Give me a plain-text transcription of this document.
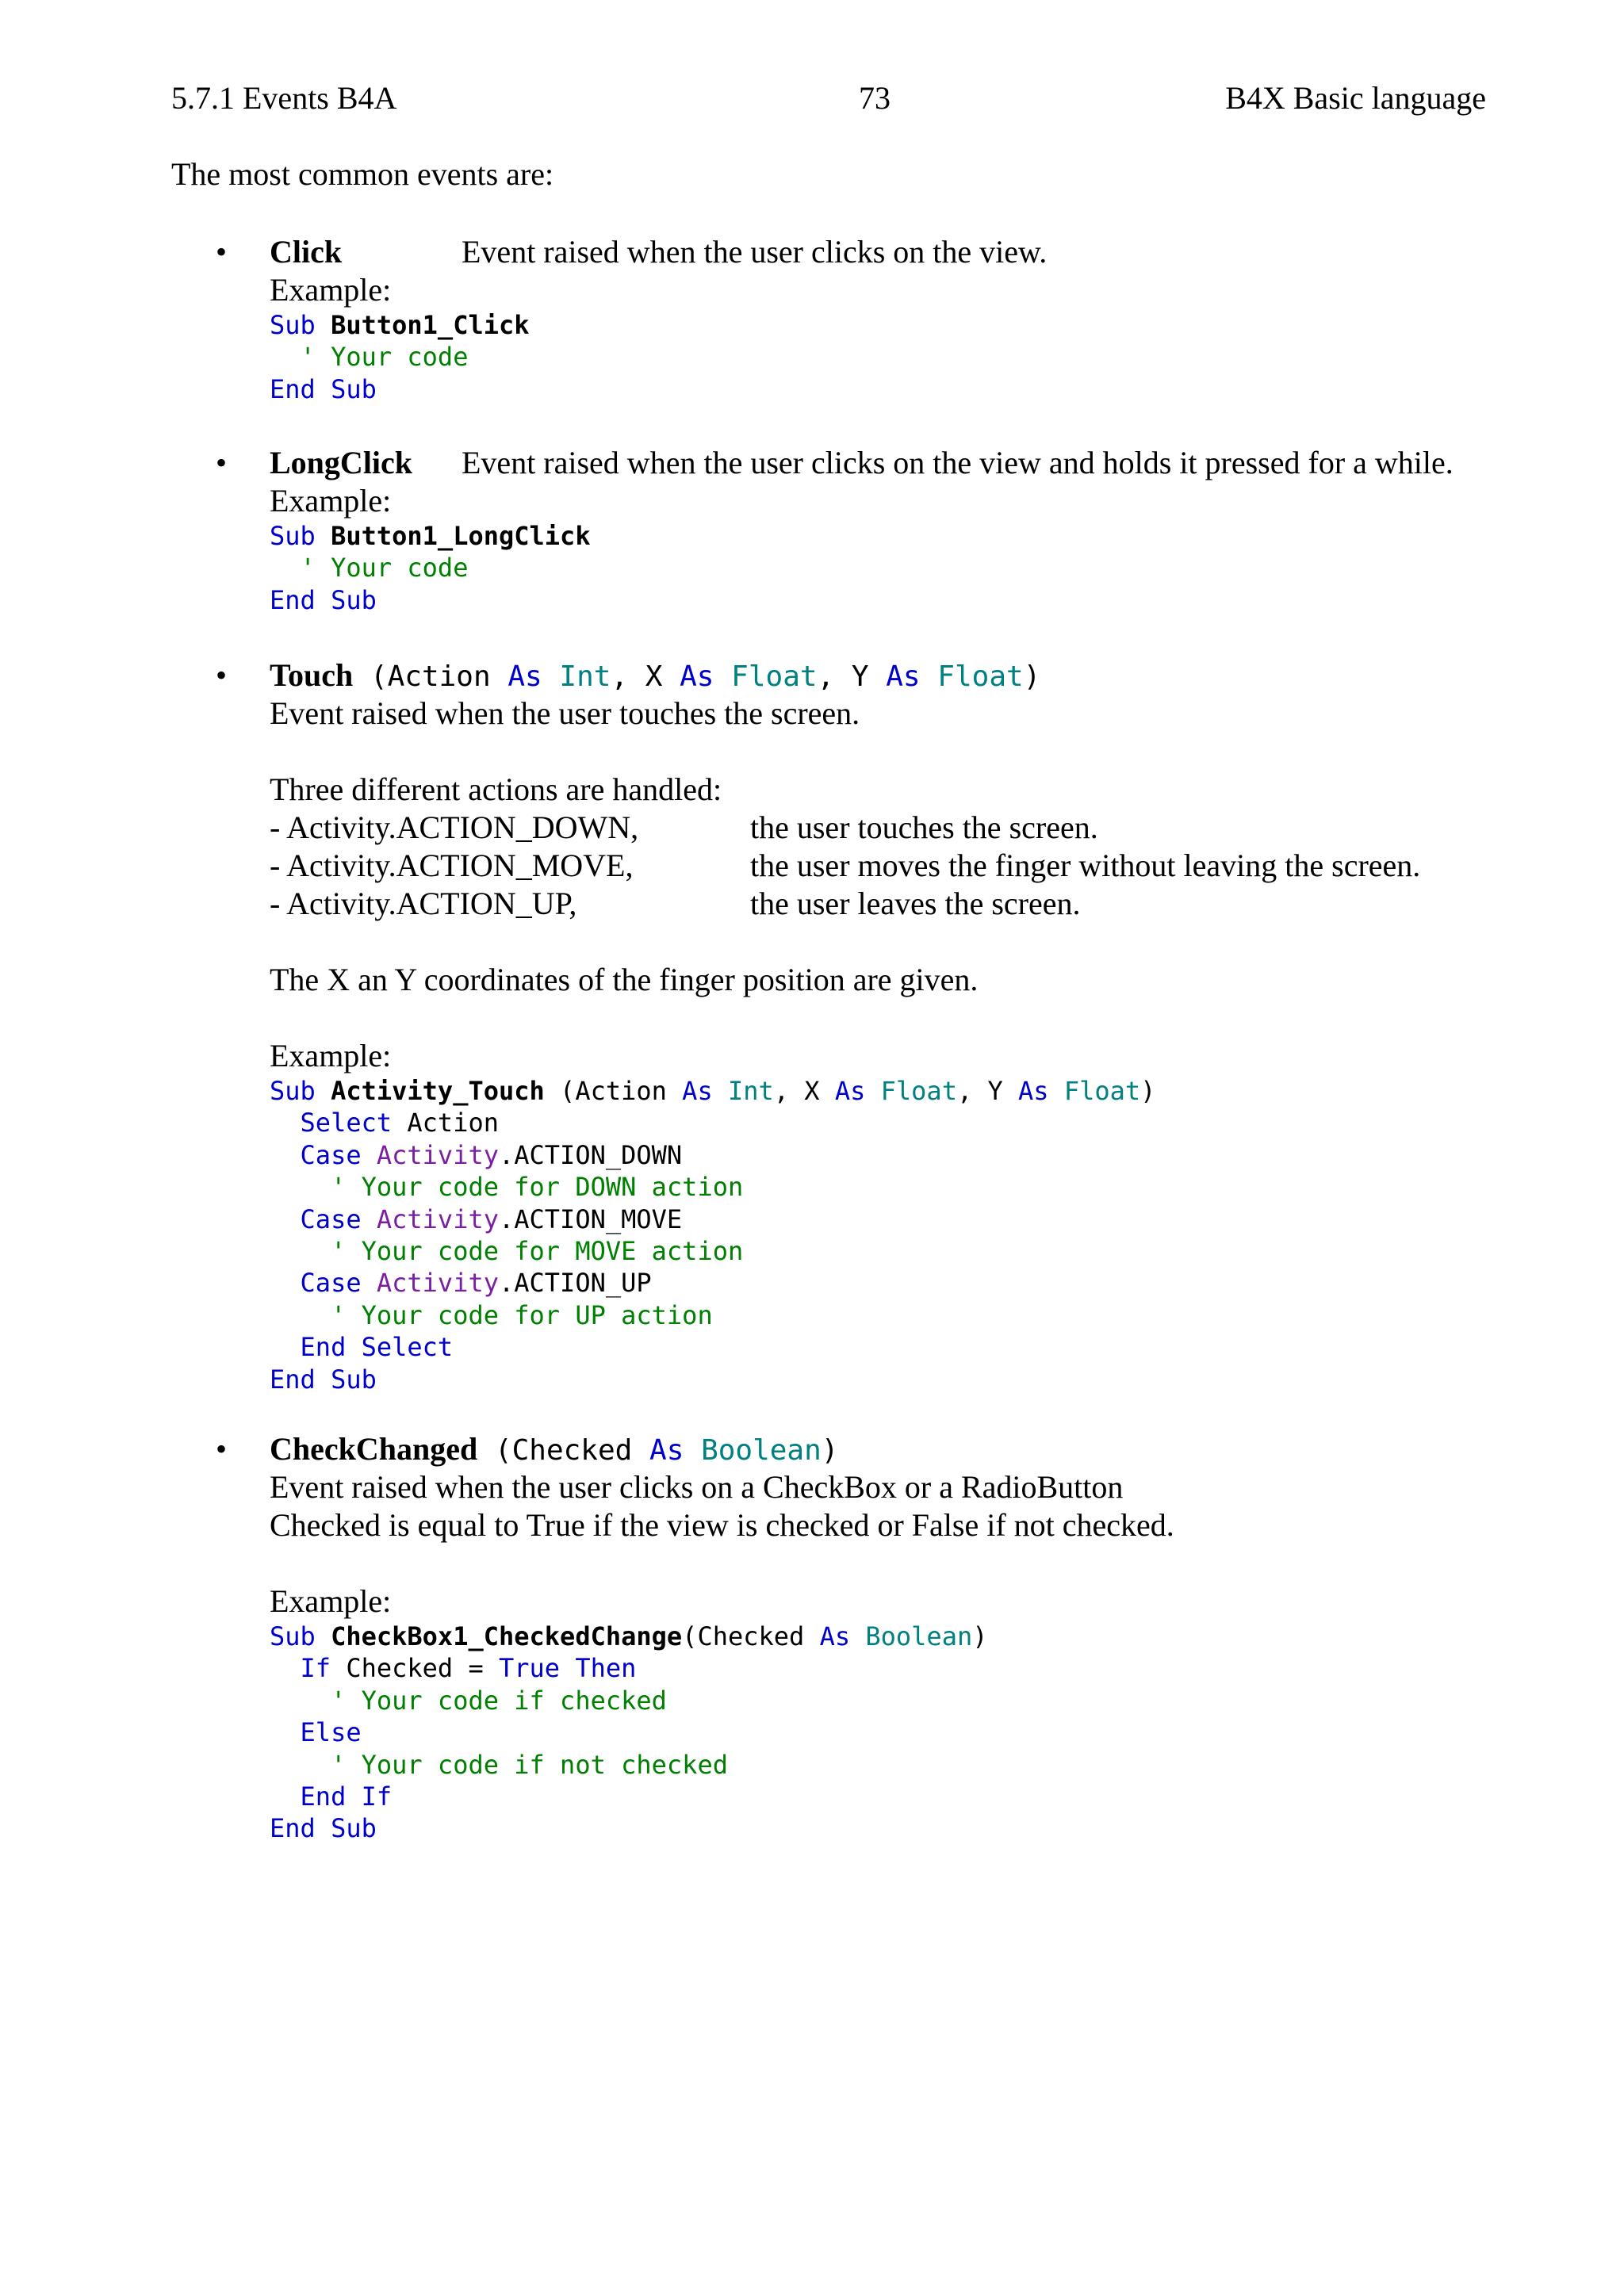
5.7.1 Events B4A	73	B4X Basic language
The most common events are:
• Click	Event raised when the user clicks on the view.
Example:
Sub Button1_Click
' Your code
End Sub
• LongClick Event raised when the user clicks on the view and holds it pressed for a while.
Example:
Sub Button1_LongClick
' Your code
End Sub
• Touch (Action As Int, X As Float, Y As Float)
Event raised when the user touches the screen.
Three different actions are handled:
- Activity.ACTION_DOWN,	the user touches the screen.
- Activity.ACTION_MOVE,	the user moves the finger without leaving the screen.
- Activity.ACTION_UP,	the user leaves the screen.
The X an Y coordinates of the finger position are given.
Example:
Sub Activity_Touch (Action As Int, X As Float, Y As Float)
Select Action
Case Activity.ACTION_DOWN
' Your code for DOWN action
Case Activity.ACTION_MOVE
' Your code for MOVE action
Case Activity.ACTION_UP
' Your code for UP action
End Select
End Sub
• CheckChanged (Checked As Boolean)
Event raised when the user clicks on a CheckBox or a RadioButton
Checked is equal to True if the view is checked or False if not checked.
Example:
Sub CheckBox1_CheckedChange(Checked As Boolean)
If Checked = True Then
' Your code if checked
Else
' Your code if not checked
End If
End Sub
